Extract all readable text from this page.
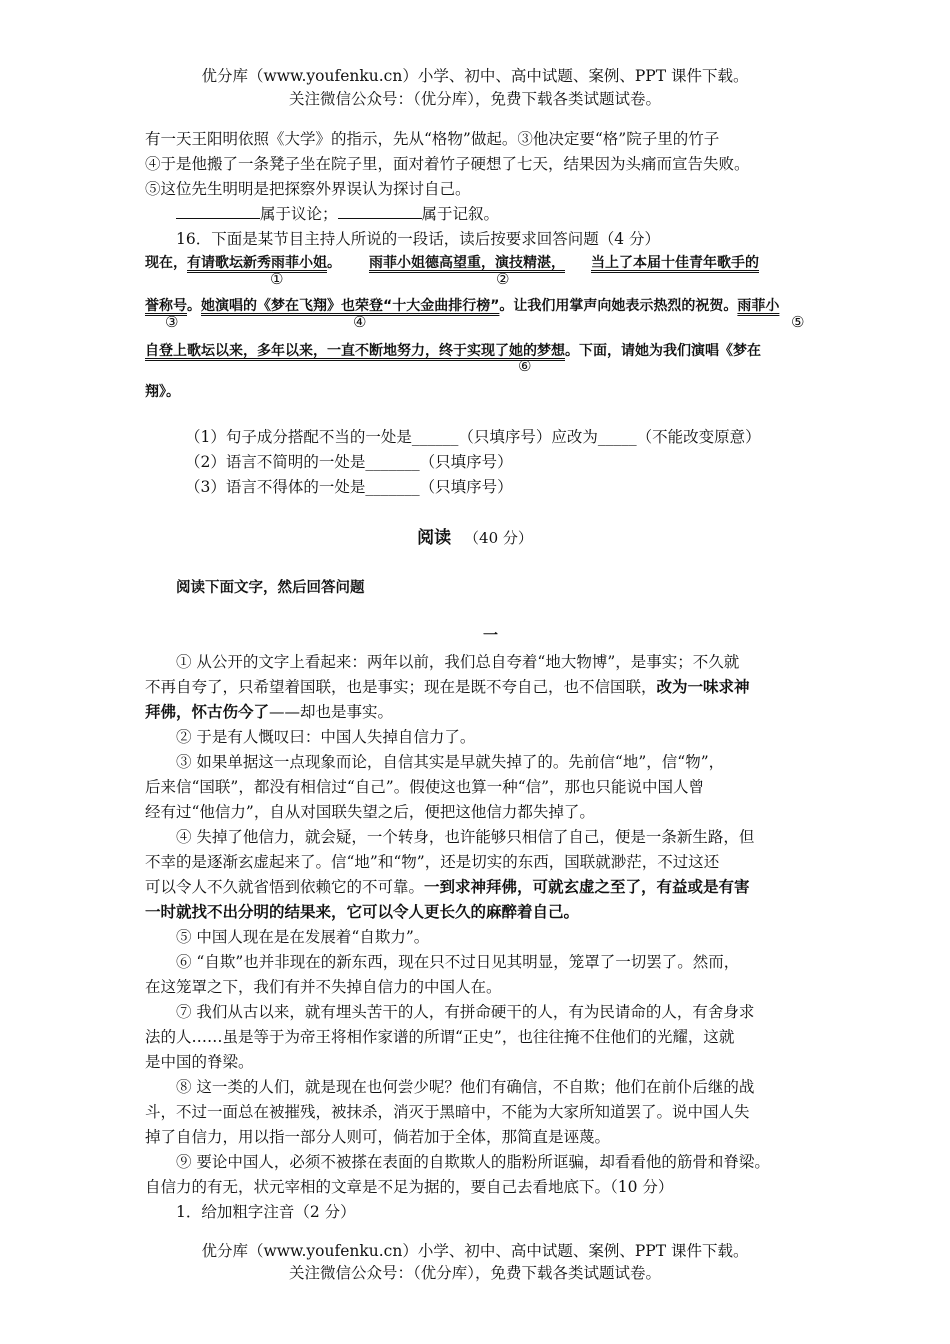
优分库（www.youfenku.cn）小学、初中、高中试题、案例、PPT 课件下载。
关注微信公众号：（优分库），免费下载各类试题试卷。
有一天王阳明依照《大学》的指示，先从“格物”做起。③他决定要“格”院子里的竹子
④于是他搬了一条凳子坐在院子里，面对着竹子硬想了七天，结果因为头痛而宣告失败。
⑤这位先生明明是把探察外界误认为探讨自己。
属于议论；	属于记叙。
16．下面是某节目主持人所说的一段话，读后按要求回答问题（4 分）
现在，有请歌坛新秀雨菲小姐。 雨菲小姐德高望重，演技精湛， 当上了本届十佳青年歌手的
①	②
誉称号。她演唱的《梦在飞翔》也荣登“十大金曲排行榜”。让我们用掌声向她表示热烈的祝贺。雨菲小
③	④	⑤
自登上歌坛以来，多年以来，一直不断地努力，终于实现了她的梦想。下面，请她为我们演唱《梦在
⑥
翔》。
（1）句子成分搭配不当的一处是______（只填序号）应改为_____（不能改变原意）
（2）语言不简明的一处是_______（只填序号）
（3）语言不得体的一处是_______（只填序号）
阅读 （40 分）
阅读下面文字，然后回答问题
一
① 从公开的文字上看起来：两年以前，我们总自夸着“地大物博”，是事实；不久就
不再自夸了，只希望着国联，也是事实；现在是既不夸自己，也不信国联，改为一味求神
拜佛，怀古伤今了——却也是事实。
② 于是有人慨叹曰：中国人失掉自信力了。
③ 如果单据这一点现象而论，自信其实是早就失掉了的。先前信“地”，信“物”，
后来信“国联”，都没有相信过“自己”。假使这也算一种“信”，那也只能说中国人曾
经有过“他信力”，自从对国联失望之后，便把这他信力都失掉了。
④ 失掉了他信力，就会疑，一个转身，也许能够只相信了自己，便是一条新生路，但
不幸的是逐渐玄虚起来了。信“地”和“物”，还是切实的东西，国联就渺茫，不过这还
可以令人不久就省悟到依赖它的不可靠。一到求神拜佛，可就玄虚之至了，有益或是有害
一时就找不出分明的结果来，它可以令人更长久的麻醉着自己。
⑤ 中国人现在是在发展着“自欺力”。
⑥ “自欺”也并非现在的新东西，现在只不过日见其明显，笼罩了一切罢了。然而，
在这笼罩之下，我们有并不失掉自信力的中国人在。
⑦ 我们从古以来，就有埋头苦干的人，有拼命硬干的人，有为民请命的人，有舍身求
法的人……虽是等于为帝王将相作家谱的所谓“正史”，也往往掩不住他们的光耀，这就
是中国的脊梁。
⑧ 这一类的人们，就是现在也何尝少呢？他们有确信，不自欺；他们在前仆后继的战
斗，不过一面总在被摧残，被抹杀，消灭于黑暗中，不能为大家所知道罢了。说中国人失
掉了自信力，用以指一部分人则可，倘若加于全体，那简直是诬蔑。
⑨ 要论中国人，必须不被搽在表面的自欺欺人的脂粉所诓骗，却看看他的筋骨和脊梁。
自信力的有无，状元宰相的文章是不足为据的，要自己去看地底下。（10 分）
1．给加粗字注音（2 分）
优分库（www.youfenku.cn）小学、初中、高中试题、案例、PPT 课件下载。
关注微信公众号：（优分库），免费下载各类试题试卷。
